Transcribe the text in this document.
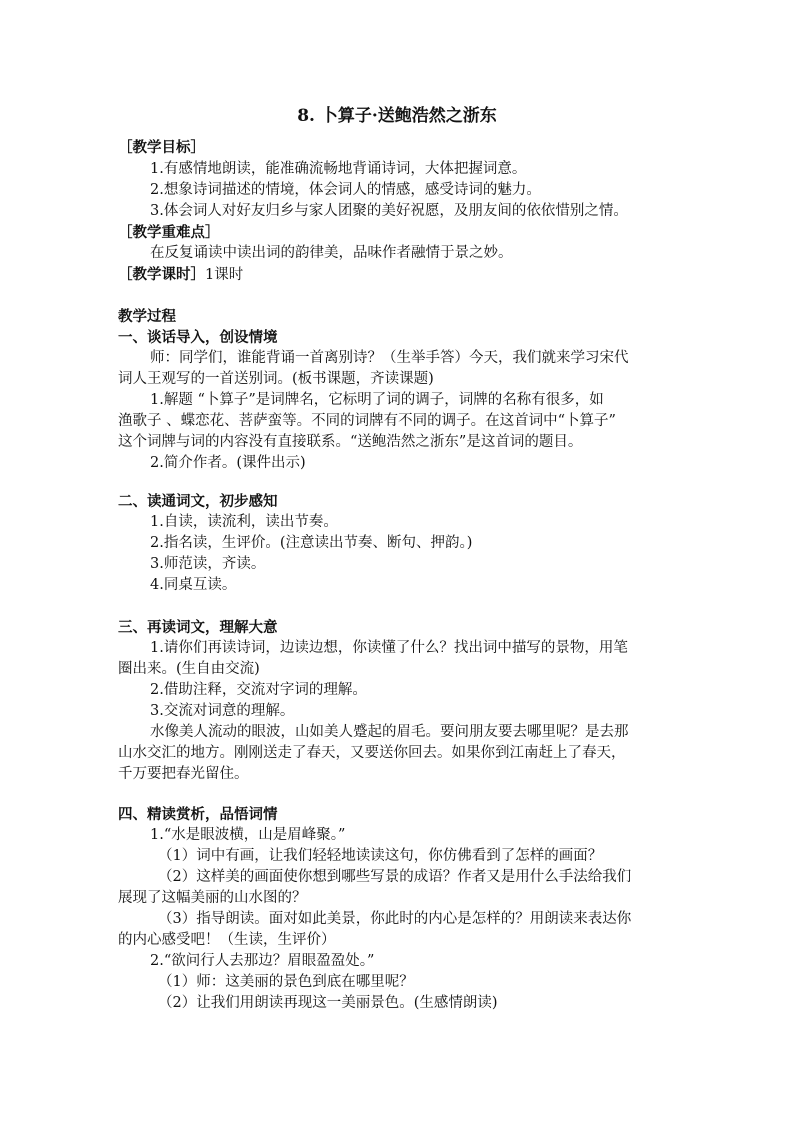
8. 卜算子·送鲍浩然之浙东
［教学目标］
1.有感情地朗读，能准确流畅地背诵诗词，大体把握词意。
2.想象诗词描述的情境，体会词人的情感，感受诗词的魅力。
3.体会词人对好友归乡与家人团聚的美好祝愿，及朋友间的依依惜别之情。
［教学重难点］
在反复诵读中读出词的韵律美，品味作者融情于景之妙。
［教学课时］1课时
教学过程
一、谈话导入，创设情境
师：同学们，谁能背诵一首离别诗？（生举手答）今天，我们就来学习宋代
词人王观写的一首送别词。(板书课题，齐读课题)
1.解题 “卜算子”是词牌名，它标明了词的调子，词牌的名称有很多，如
渔歌子 、蝶恋花、菩萨蛮等。不同的词牌有不同的调子。在这首词中“卜算子”
这个词牌与词的内容没有直接联系。“送鲍浩然之浙东”是这首词的题目。
2.简介作者。(课件出示)
二、读通词文，初步感知
1.自读，读流利，读出节奏。
2.指名读，生评价。(注意读出节奏、断句、押韵。)
3.师范读，齐读。
4.同桌互读。
三、再读词文，理解大意
1.请你们再读诗词，边读边想，你读懂了什么？找出词中描写的景物，用笔
圈出来。(生自由交流)
2.借助注释，交流对字词的理解。
3.交流对词意的理解。
水像美人流动的眼波，山如美人蹙起的眉毛。要问朋友要去哪里呢？是去那
山水交汇的地方。刚刚送走了春天，又要送你回去。如果你到江南赶上了春天，
千万要把春光留住。
四、精读赏析，品悟词情
1.“水是眼波横，山是眉峰聚。”
（1）词中有画，让我们轻轻地读读这句，你仿佛看到了怎样的画面？
（2）这样美的画面使你想到哪些写景的成语？作者又是用什么手法给我们
展现了这幅美丽的山水图的？
（3）指导朗读。面对如此美景，你此时的内心是怎样的？用朗读来表达你
的内心感受吧！（生读，生评价）
2.“欲问行人去那边？眉眼盈盈处。”
（1）师：这美丽的景色到底在哪里呢？
（2）让我们用朗读再现这一美丽景色。(生感情朗读)
